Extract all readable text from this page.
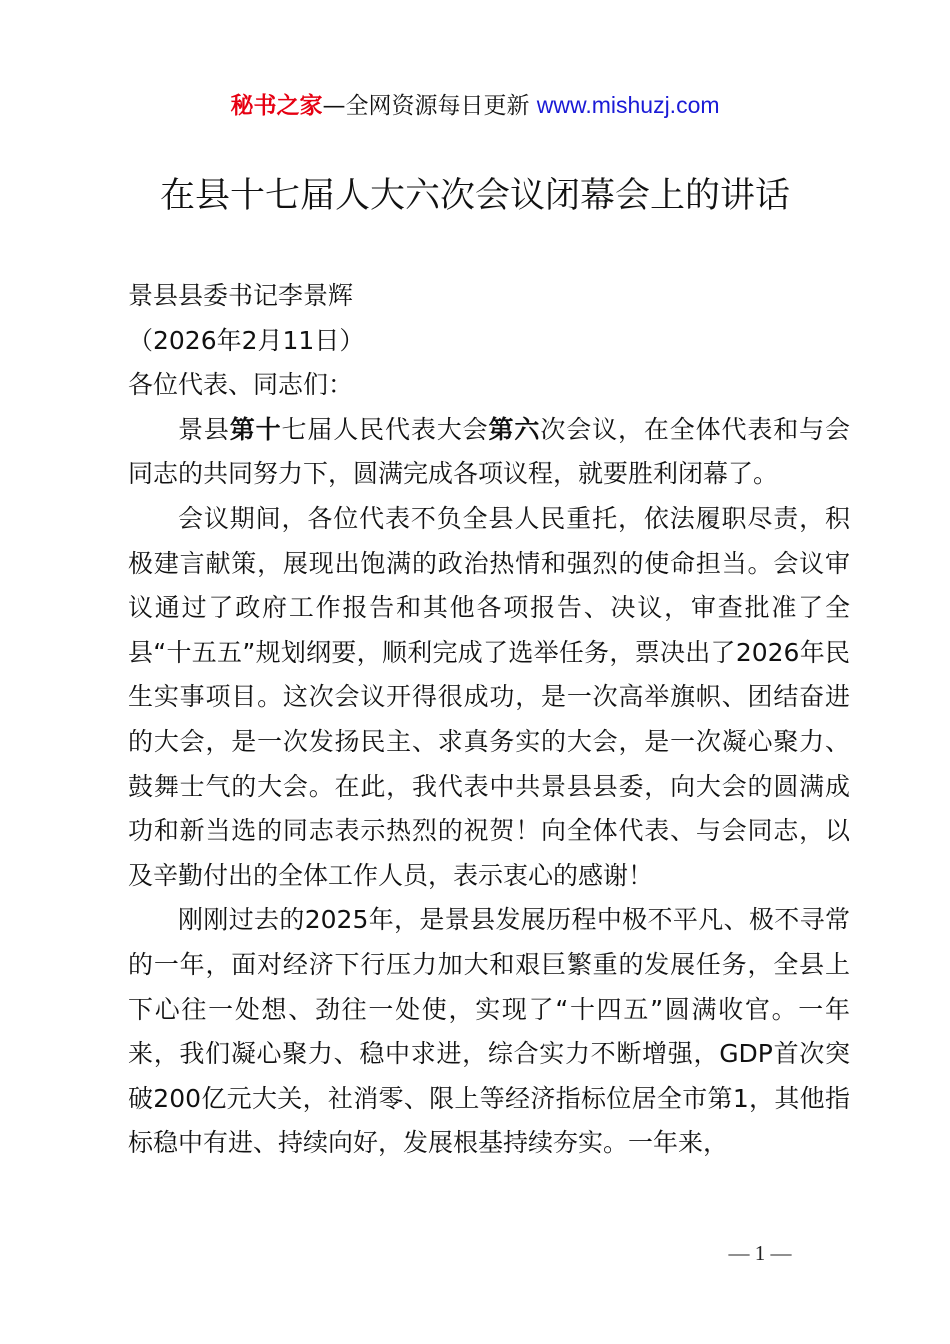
秘书之家—全网资源每日更新 www.mishuzj.com
在县十七届人大六次会议闭幕会上的讲话

景县县委书记李景辉

（2026年2月11日）

各位代表、同志们：

景县第十七届人民代表大会第六次会议，在全体代表和与会同志的共同努力下，圆满完成各项议程，就要胜利闭幕了。

会议期间，各位代表不负全县人民重托，依法履职尽责，积极建言献策，展现出饱满的政治热情和强烈的使命担当。会议审议通过了政府工作报告和其他各项报告、决议，审查批准了全县“十五五”规划纲要，顺利完成了选举任务，票决出了2026年民生实事项目。这次会议开得很成功，是一次高举旗帜、团结奋进的大会，是一次发扬民主、求真务实的大会，是一次凝心聚力、鼓舞士气的大会。在此，我代表中共景县县委，向大会的圆满成功和新当选的同志表示热烈的祝贺！向全体代表、与会同志，以及辛勤付出的全体工作人员，表示衷心的感谢！

刚刚过去的2025年，是景县发展历程中极不平凡、极不寻常的一年，面对经济下行压力加大和艰巨繁重的发展任务，全县上下心往一处想、劲往一处使，实现了“十四五”圆满收官。一年来，我们凝心聚力、稳中求进，综合实力不断增强，GDP首次突破200亿元大关，社消零、限上等经济指标位居全市第1，其他指标稳中有进、持续向好，发展根基持续夯实。一年来，

— 1 —
